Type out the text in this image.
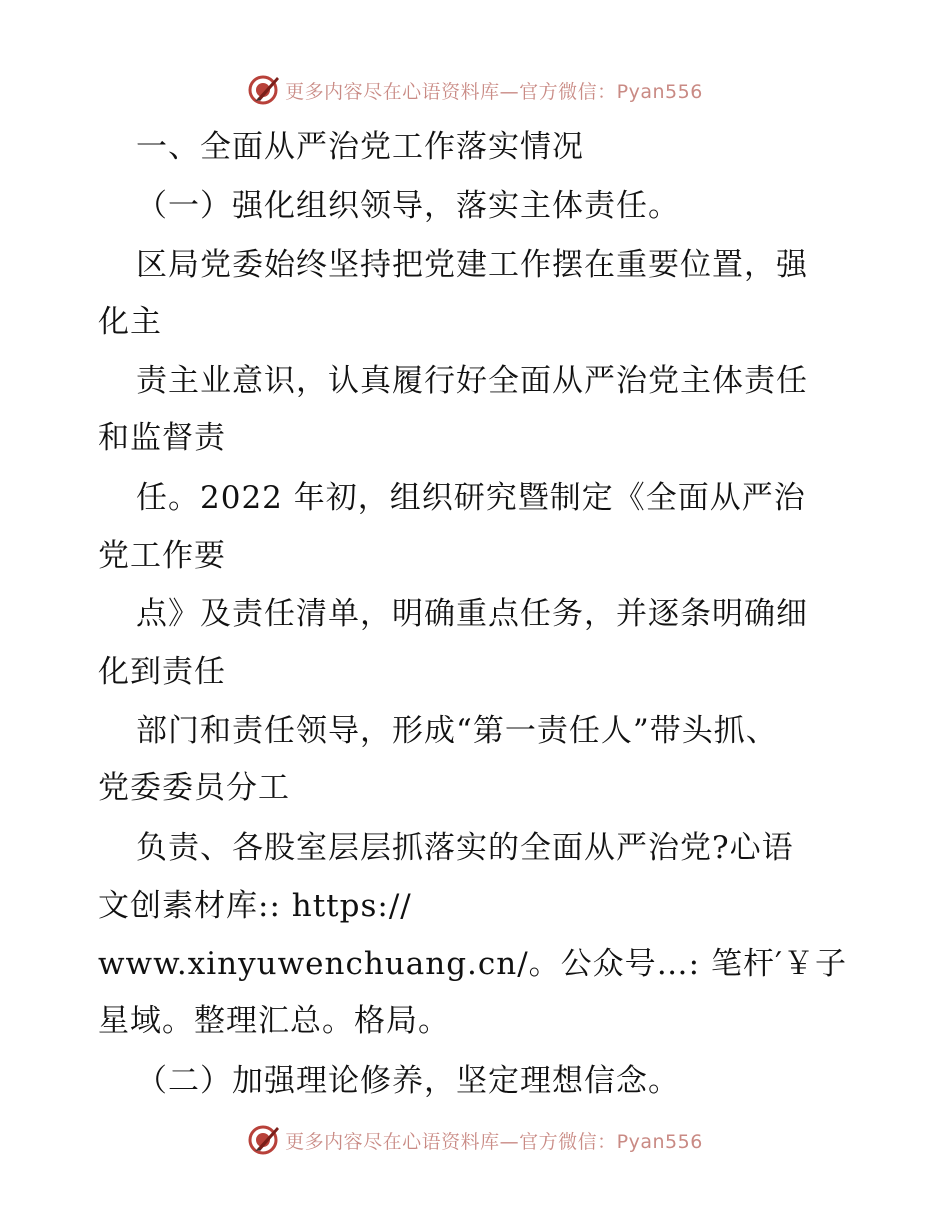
更多内容尽在心语资料库—官方微信：Pyan556
一、全面从严治党工作落实情况
（一）强化组织领导，落实主体责任。
区局党委始终坚持把党建工作摆在重要位置，强
化主
责主业意识，认真履行好全面从严治党主体责任
和监督责
任。2022 年初，组织研究暨制定《全面从严治
党工作要
点》及责任清单，明确重点任务，并逐条明确细
化到责任
部门和责任领导，形成“第一责任人”带头抓、
党委委员分工
负责、各股室层层抓落实的全面从严治党?心语
文创素材库:: https://
www.xinyuwenchuang.cn/。公众号…: 笔杆′￥子
星域。整理汇总。格局。
（二）加强理论修养，坚定理想信念。
更多内容尽在心语资料库—官方微信：Pyan556
